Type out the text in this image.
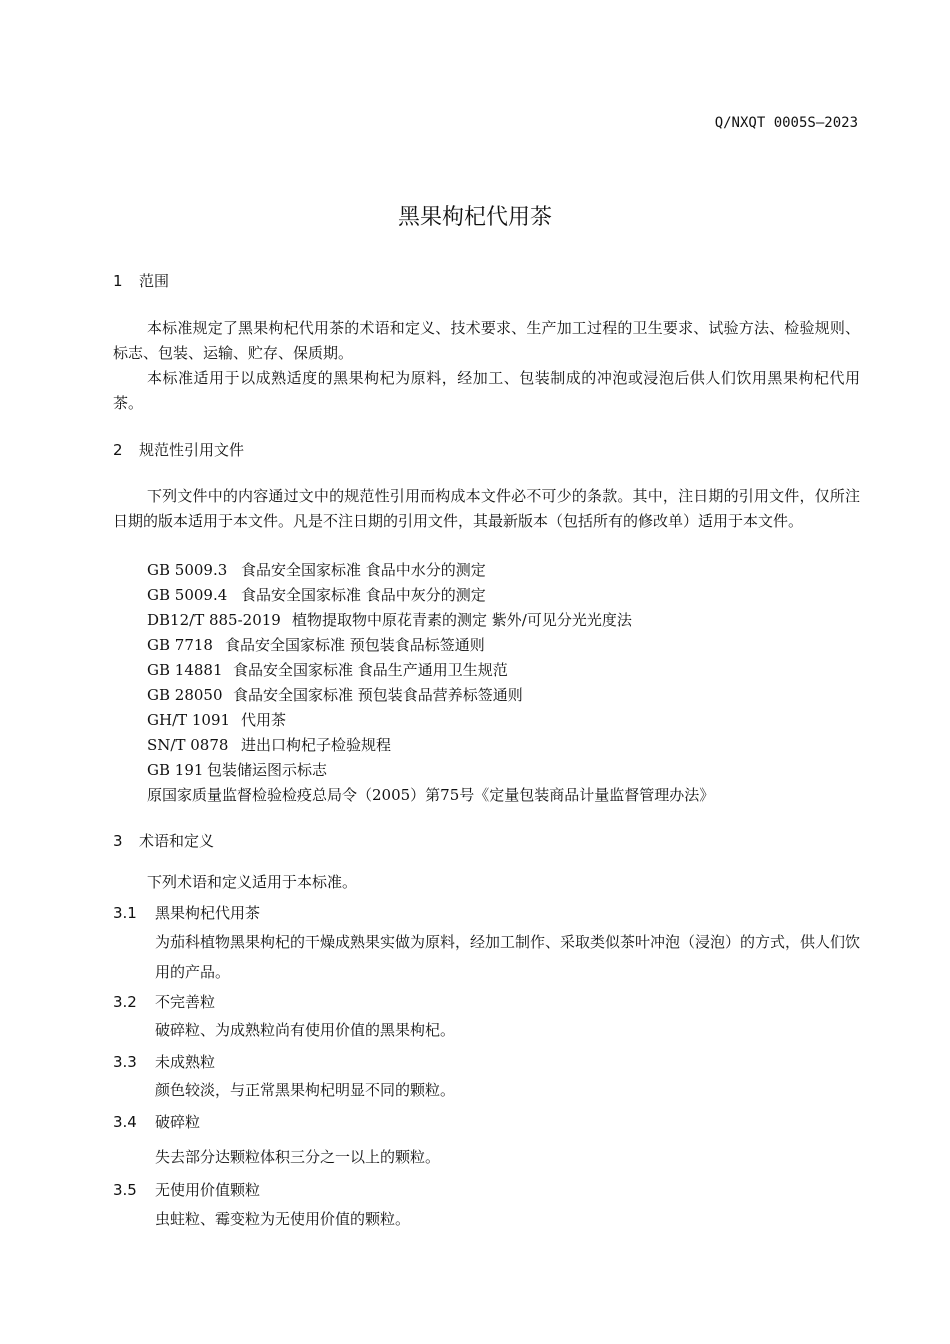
Q/NXQT 0005S—2023
黑果枸杞代用茶
1 范围
本标准规定了黑果枸杞代用茶的术语和定义、技术要求、生产加工过程的卫生要求、试验方法、检验规则、标志、包装、运输、贮存、保质期。
本标准适用于以成熟适度的黑果枸杞为原料，经加工、包装制成的冲泡或浸泡后供人们饮用黑果枸杞代用茶。
2 规范性引用文件
下列文件中的内容通过文中的规范性引用而构成本文件必不可少的条款。其中，注日期的引用文件，仅所注日期的版本适用于本文件。凡是不注日期的引用文件，其最新版本（包括所有的修改单）适用于本文件。
GB 5009.3 食品安全国家标准 食品中水分的测定
GB 5009.4 食品安全国家标准 食品中灰分的测定
DB12/T 885-2019 植物提取物中原花青素的测定 紫外/可见分光光度法
GB 7718 食品安全国家标准 预包装食品标签通则
GB 14881 食品安全国家标准 食品生产通用卫生规范
GB 28050 食品安全国家标准 预包装食品营养标签通则
GH/T 1091 代用茶
SN/T 0878 进出口枸杞子检验规程
GB 191 包装储运图示标志
原国家质量监督检验检疫总局令（2005）第75号《定量包装商品计量监督管理办法》
3 术语和定义
下列术语和定义适用于本标准。
3.1 黑果枸杞代用茶
为茄科植物黑果枸杞的干燥成熟果实做为原料，经加工制作、采取类似茶叶冲泡（浸泡）的方式，供人们饮用的产品。
3.2 不完善粒
破碎粒、为成熟粒尚有使用价值的黑果枸杞。
3.3 未成熟粒
颜色较淡，与正常黑果枸杞明显不同的颗粒。
3.4 破碎粒
失去部分达颗粒体积三分之一以上的颗粒。
3.5 无使用价值颗粒
虫蛀粒、霉变粒为无使用价值的颗粒。
